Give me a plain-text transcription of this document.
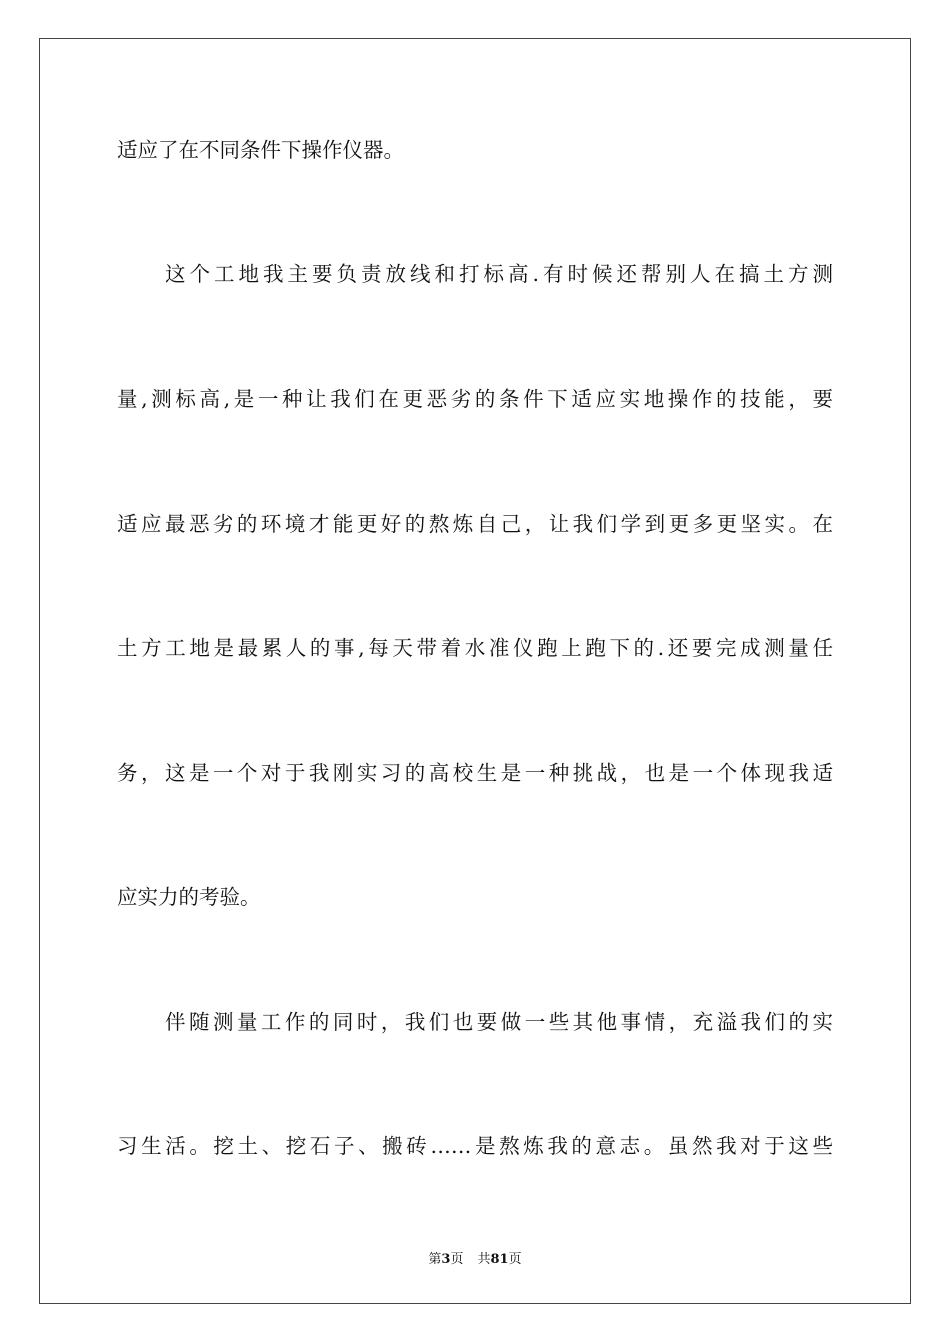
适应了在不同条件下操作仪器。
这个工地我主要负责放线和打标高.有时候还帮别人在搞土方测
量,测标高,是一种让我们在更恶劣的条件下适应实地操作的技能，要
适应最恶劣的环境才能更好的熬炼自己，让我们学到更多更坚实。在
土方工地是最累人的事,每天带着水准仪跑上跑下的.还要完成测量任
务，这是一个对于我刚实习的高校生是一种挑战，也是一个体现我适
应实力的考验。
伴随测量工作的同时，我们也要做一些其他事情，充溢我们的实
习生活。挖土、挖石子、搬砖……是熬炼我的意志。虽然我对于这些
第3页 共81页
